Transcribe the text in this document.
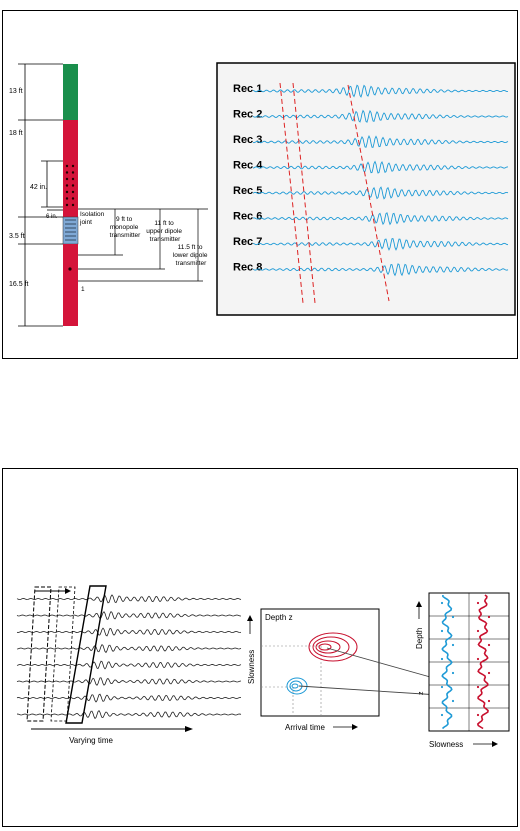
13 ft
18 ft
3.5 ft
16.5 ft
42 in.
6 in.	Isolation joint	9 ft to monopole transmitter
11 ft to upper dipole transmitter
11.5 ft to lower dipole transmitter
1
Rec 1
Rec 2
Rec 3
Rec 4
Rec 5
Rec 6
Rec 7
Rec 8
Varying time
Depth z
Slowness
Arrival time
Depth
z
Slowness
